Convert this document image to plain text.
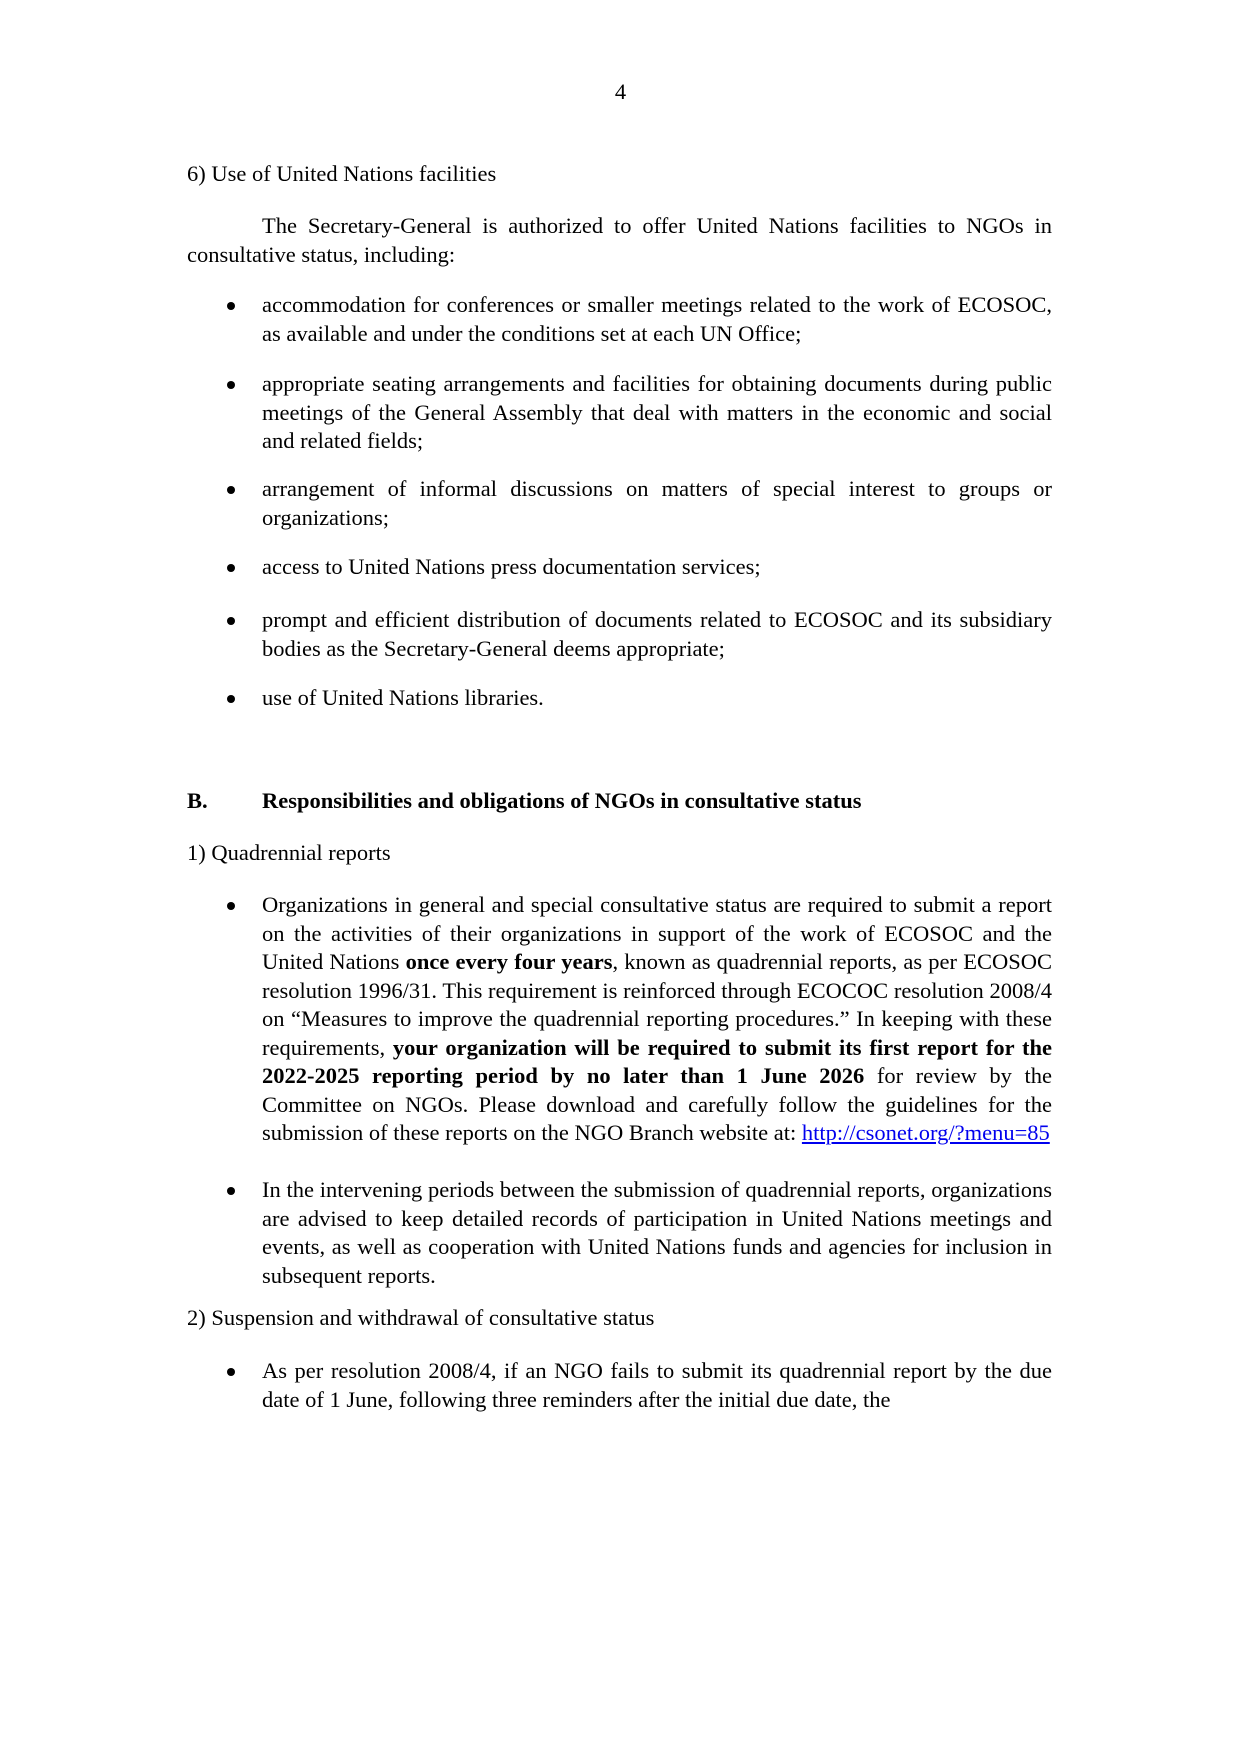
4
6) Use of United Nations facilities
The Secretary-General is authorized to offer United Nations facilities to NGOs in consultative status, including:
accommodation for conferences or smaller meetings related to the work of ECOSOC, as available and under the conditions set at each UN Office;
appropriate seating arrangements and facilities for obtaining documents during public meetings of the General Assembly that deal with matters in the economic and social and related fields;
arrangement of informal discussions on matters of special interest to groups or organizations;
access to United Nations press documentation services;
prompt and efficient distribution of documents related to ECOSOC and its subsidiary bodies as the Secretary-General deems appropriate;
use of United Nations libraries.
B. Responsibilities and obligations of NGOs in consultative status
1) Quadrennial reports
Organizations in general and special consultative status are required to submit a report on the activities of their organizations in support of the work of ECOSOC and the United Nations once every four years, known as quadrennial reports, as per ECOSOC resolution 1996/31. This requirement is reinforced through ECOCOC resolution 2008/4 on “Measures to improve the quadrennial reporting procedures.” In keeping with these requirements, your organization will be required to submit its first report for the 2022-2025 reporting period by no later than 1 June 2026 for review by the Committee on NGOs. Please download and carefully follow the guidelines for the submission of these reports on the NGO Branch website at: http://csonet.org/?menu=85
In the intervening periods between the submission of quadrennial reports, organizations are advised to keep detailed records of participation in United Nations meetings and events, as well as cooperation with United Nations funds and agencies for inclusion in subsequent reports.
2) Suspension and withdrawal of consultative status
As per resolution 2008/4, if an NGO fails to submit its quadrennial report by the due date of 1 June, following three reminders after the initial due date, the
